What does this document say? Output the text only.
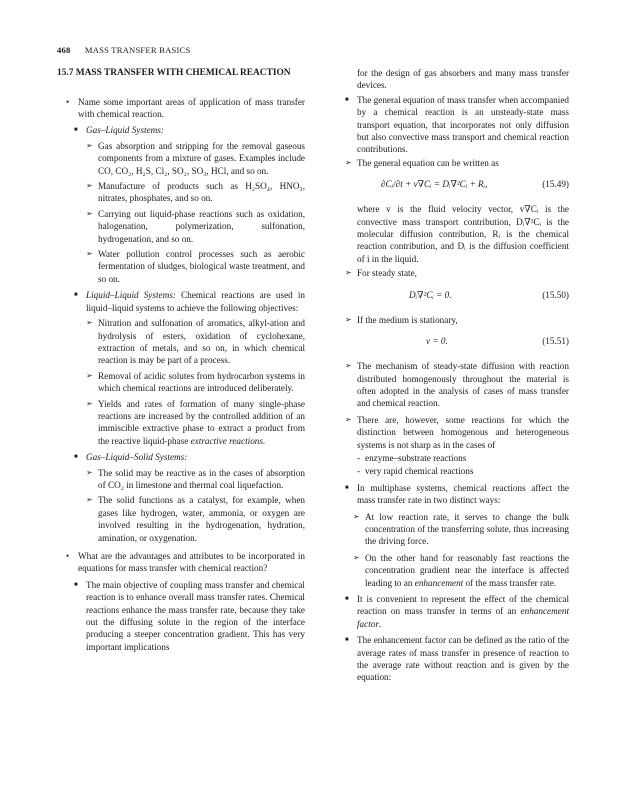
468 MASS TRANSFER BASICS
15.7 MASS TRANSFER WITH CHEMICAL REACTION
• Name some important areas of application of mass transfer with chemical reaction.
■ Gas–Liquid Systems:
➢ Gas absorption and stripping for the removal gaseous components from a mixture of gases. Examples include CO, CO₂, H₂S, Cl₂, SO₂, SO₃, HCl, and so on.
➢ Manufacture of products such as H₂SO₄, HNO₃, nitrates, phosphates, and so on.
➢ Carrying out liquid-phase reactions such as oxidation, halogenation, polymerization, sulfonation, hydrogenation, and so on.
➢ Water pollution control processes such as aerobic fermentation of sludges, biological waste treatment, and so on.
■ Liquid–Liquid Systems: Chemical reactions are used in liquid–liquid systems to achieve the following objectives:
➢ Nitration and sulfonation of aromatics, alkyl-ation and hydrolysis of esters, oxidation of cyclohexane, extraction of metals, and so on, in which chemical reaction is may be part of a process.
➢ Removal of acidic solutes from hydrocarbon systems in which chemical reactions are introduced deliberately.
➢ Yields and rates of formation of many single-phase reactions are increased by the controlled addition of an immiscible extractive phase to extract a product from the reactive liquid-phase extractive reactions.
■ Gas–Liquid–Solid Systems:
➢ The solid may be reactive as in the cases of absorption of CO₂ in limestone and thermal coal liquefaction.
➢ The solid functions as a catalyst, for example, when gases like hydrogen, water, ammonia, or oxygen are involved resulting in the hydrogenation, hydration, amination, or oxygenation.
• What are the advantages and attributes to be incorporated in equations for mass transfer with chemical reaction?
■ The main objective of coupling mass transfer and chemical reaction is to enhance overall mass transfer rates. Chemical reactions enhance the mass transfer rate, because they take out the diffusing solute in the region of the interface producing a steeper concentration gradient. This has very important implications
for the design of gas absorbers and many mass transfer devices.
■ The general equation of mass transfer when accompanied by a chemical reaction is an unsteady-state mass transport equation, that incorporates not only diffusion but also convective mass transport and chemical reaction contributions.
➢ The general equation can be written as
∂Cᵢ/∂t + v∇Cᵢ = Dᵢ∇²Cᵢ + Rᵢ,	(15.49)
where v is the fluid velocity vector, v∇Cᵢ is the convective mass transport contribution, Dᵢ∇²Cᵢ is the molecular diffusion contribution, Rᵢ is the chemical reaction contribution, and Dᵢ is the diffusion coefficient of i in the liquid.
➢ For steady state,
Dᵢ∇²Cᵢ = 0.	(15.50)
➢ If the medium is stationary,
v = 0.	(15.51)
➢ The mechanism of steady-state diffusion with reaction distributed homogenously throughout the material is often adopted in the analysis of cases of mass transfer and chemical reaction.
➢ There are, however, some reactions for which the distinction between homogenous and heterogeneous systems is not sharp as in the cases of
- enzyme–substrate reactions
- very rapid chemical reactions
■ In multiphase systems, chemical reactions affect the mass transfer rate in two distinct ways:
➢ At low reaction rate, it serves to change the bulk concentration of the transferring solute, thus increasing the driving force.
➢ On the other hand for reasonably fast reactions the concentration gradient near the interface is affected leading to an enhancement of the mass transfer rate.
■ It is convenient to represent the effect of the chemical reaction on mass transfer in terms of an enhancement factor.
■ The enhancement factor can be defined as the ratio of the average rates of mass transfer in presence of reaction to the average rate without reaction and is given by the equation:
